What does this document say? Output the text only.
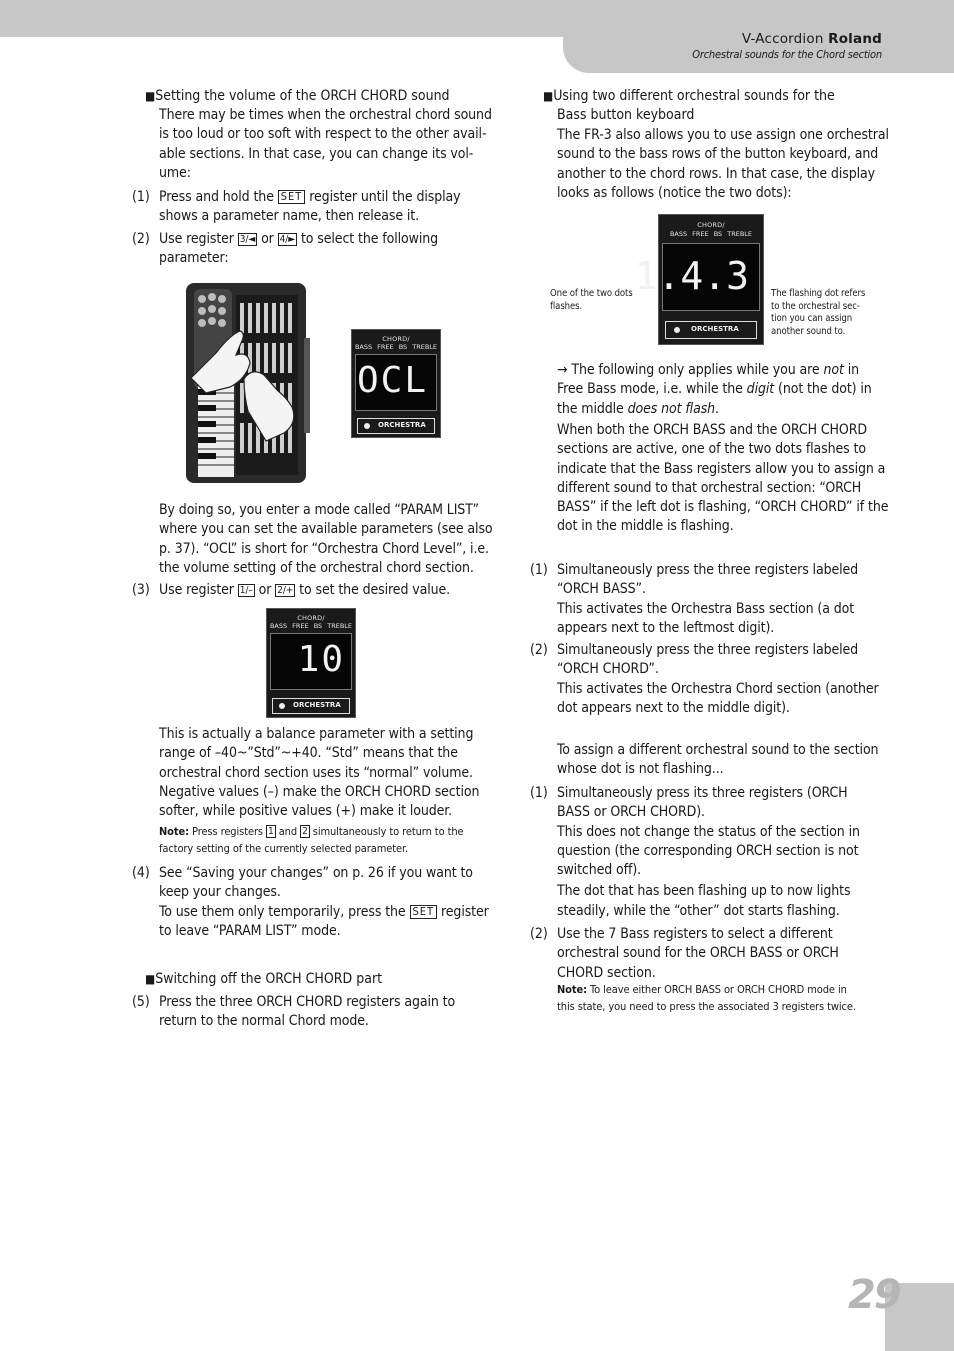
V-Accordion Roland
Orchestral sounds for the Chord section
■Setting the volume of the ORCH CHORD sound
There may be times when the orchestral chord sound
is too loud or too soft with respect to the other avail-
able sections. In that case, you can change its vol-
ume:
(1) Press and hold the SET register until the display
shows a parameter name, then release it.
(2) Use register 3/◄ or 4/► to select the following
parameter:
CHORD/
BASS FREE BS TREBLE
OCL
ORCHESTRA
By doing so, you enter a mode called “PARAM LIST”
where you can set the available parameters (see also
p. 37). “OCL” is short for “Orchestra Chord Level”, i.e.
the volume setting of the orchestral chord section.
(3) Use register 1/– or 2/+ to set the desired value.
CHORD/
BASS FREE BS TREBLE
10
ORCHESTRA
This is actually a balance parameter with a setting
range of –40~”Std”~+40. “Std” means that the
orchestral chord section uses its “normal” volume.
Negative values (–) make the ORCH CHORD section
softer, while positive values (+) make it louder.
Note: Press registers 1 and 2 simultaneously to return to the
factory setting of the currently selected parameter.
(4) See “Saving your changes” on p. 26 if you want to
keep your changes.
To use them only temporarily, press the SET register
to leave “PARAM LIST” mode.
■Switching off the ORCH CHORD part
(5) Press the three ORCH CHORD registers again to
return to the normal Chord mode.
■Using two different orchestral sounds for the
Bass button keyboard
The FR-3 also allows you to use assign one orchestral
sound to the bass rows of the button keyboard, and
another to the chord rows. In that case, the display
looks as follows (notice the two dots):
CHORD/
BASS FREE BS TREBLE
1.4.3
ORCHESTRA
One of the two dots
flashes.
The flashing dot refers
to the orchestral sec-
tion you can assign
another sound to.
→ The following only applies while you are not in
Free Bass mode, i.e. while the digit (not the dot) in
the middle does not flash.
When both the ORCH BASS and the ORCH CHORD
sections are active, one of the two dots flashes to
indicate that the Bass registers allow you to assign a
different sound to that orchestral section: “ORCH
BASS” if the left dot is flashing, “ORCH CHORD” if the
dot in the middle is flashing.
(1) Simultaneously press the three registers labeled
“ORCH BASS”.
This activates the Orchestra Bass section (a dot
appears next to the leftmost digit).
(2) Simultaneously press the three registers labeled
“ORCH CHORD”.
This activates the Orchestra Chord section (another
dot appears next to the middle digit).
To assign a different orchestral sound to the section
whose dot is not flashing...
(1) Simultaneously press its three registers (ORCH
BASS or ORCH CHORD).
This does not change the status of the section in
question (the corresponding ORCH section is not
switched off).
The dot that has been flashing up to now lights
steadily, while the “other” dot starts flashing.
(2) Use the 7 Bass registers to select a different
orchestral sound for the ORCH BASS or ORCH
CHORD section.
Note: To leave either ORCH BASS or ORCH CHORD mode in
this state, you need to press the associated 3 registers twice.
29
